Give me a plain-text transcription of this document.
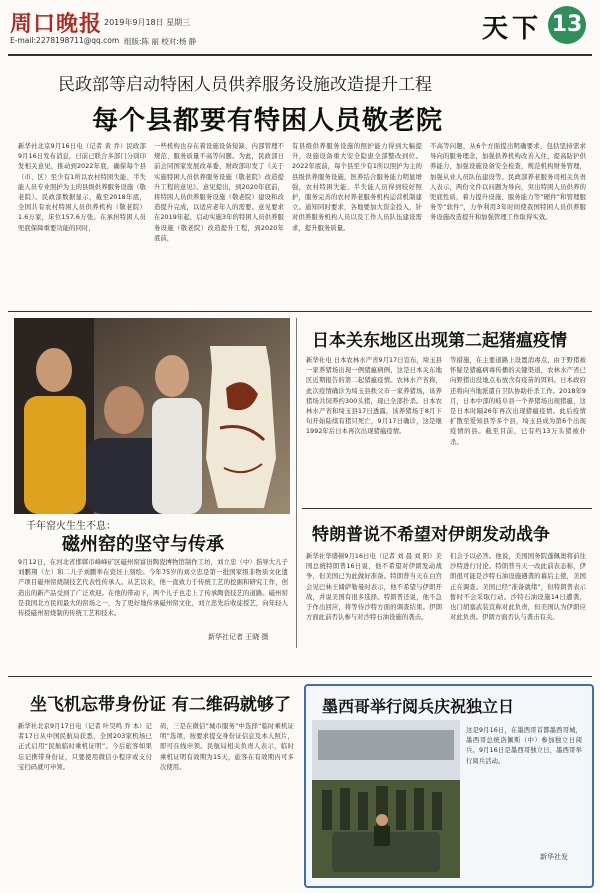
周口晚报 2019年9月18日 星期三
E-mail:2278198711@qq.com 组版:陈 丽 校对:杨 静	天下 13
民政部等启动特困人员供养服务设施改造提升工程
每个县都要有特困人员敬老院
新华社北京9月16日电（记者 黄 乔）民政部9月16日发布消息，日前已联合多部门分别印发相关意见，推动到2022年底，确保每个县（市、区）至少有1所以农村特困失能、半失能人员专业照护为主的县级供养服务设施（敬老院）。民政部数据显示，截至2018年底，全国共有农村特困人员供养机构（敬老院）1.6万家，床位157.6万张。在承担特困人员兜底保障重要功能的同时，
一些机构也存在着设施设备短缺、内部管理不规范、服务质量不高等问题。为此，民政部日前会同国家发展改革委、财政部印发了《关于实施特困人员供养服务设施（敬老院）改造提升工程的意见》。意见提出，到2020年底前，将特困人员供养服务设施（敬老院）建设和改造提升完成，以适应老年人的需要。意见要求在2019年起，启动实施3年的特困人员供养服务设施（敬老院）改造提升工程，到2020年底前，
有县级供养服务设施的照护能力得到大幅提升，设施设备重大安全隐患全部整改到位。2022年底前，每个县至少有1所以照护为主的县级供养服务设施，医养结合服务能力明显增强，农村特困失能、半失能人员得到较好照护，服务完善的农村养老服务机构运营机制建立。通知同时要求，各地要加大资金投入，针对供养服务机构人员以及工作人员队伍建设需求，提升服务质量。
不高等问题，从6个方面提出明确要求，包括坚持需求导向的服务理念，加强供养机构改善入住，提高防护供养能力，加强设施设备安全检查，规范机构财务管理，加强从业人员队伍建设等。民政部养老服务司相关负责人表示，两份文件以问题为导向，突出特困人员供养的兜底性质，着力提升设施、服务能力等“硬件”和管理服务等“软件”，力争利用3年时间使我国特困人员供养服务设施改造提升和加强管理工作取得实效。
千年窑火生生不息：
磁州窑的坚守与传承
9月12日，在河北省邯郸市峰峰矿区磁州窑富田陶瓷博物馆制作工坊，刘立忠（中）指导大儿子刘鹏翔（左）和二儿子刘鹏举在瓷坯上刻绘。今年75岁的刘立忠是第一批国家级非物质文化遗产项目磁州窑烧制技艺代表性传承人。从艺以来，他一直致力于传统工艺的挖掘和研究工作，创造出的新产品受到了广泛欢迎。在他的带动下，两个儿子也走上了传承陶瓷技艺的道路。磁州窑是我国北方民间最大的窑场之一，为了更好地传承磁州窑文化，刘立忠先后收徒授艺，向年轻人传授磁州窑烧制的传统工艺和技术。
新华社记者 王晓 摄
日本关东地区出现第二起猪瘟疫情
新华社电 日本农林水产省9月17日宣布，埼玉县一家养猪场出现一例猪瘟病例，这是日本关东地区近期报告的第二起猪瘟疫情。农林水产省称，此次疫情确诊为埼玉县秩父市一家养猪场，该养猪场共饲养约300头猪，现已全部扑杀。日本农林水产省和埼玉县17日透露，该养猪场于8月下旬开始陆续有猪只死亡，9月17日确诊，这是继1992年后日本再次出现猪瘟疫情。
等措施，在主要道路上设置消毒点，由于野猪被怀疑是猪瘟病毒传播的关键渠道，农林水产省已向野猪出没地点布放含有疫苗的饵料。日本政府还将向当地派遣自卫队协助扑杀工作。2018年9月，日本中部的岐阜县一个养猪场出现猪瘟，这是日本时隔26年再次出现猪瘟疫情。此后疫情扩散至爱知县等多个县，埼玉县成为第6个出现疫情的县。截至目前，已有约13万头猪被扑杀。
特朗普说不希望对伊朗发动战争
新华社华盛顿9月16日电（记者 刘 晨 刘 阳）美国总统特朗普16日说，他不希望对伊朗发动战争，但美国已为此做好准备。特朗普当天在白宫会见巴林王储萨勒曼时表示，他不希望与伊朗开战，并说美国有很多选择。特朗普还说，他不急于作出回应，将等待沙特方面的调查结果。伊朗方面此前否认参与对沙特石油设施的袭击。
们会予以必答。他说，美国国务院蓬佩奥将前往沙特进行讨论。特朗普当天一改此前表态称，伊朗很可能是沙特石油设施遇袭的幕后主使，美国正在调查。美国已经“准备就绪”，但特朗普表示暂时不会采取行动。沙特石油设施14日遭袭，也门胡塞武装宣称对此负责，但美国认为伊朗应对此负责。伊朗方面否认与袭击有关。
坐飞机忘带身份证 有二维码就够了
新华社北京9月17日电（记者 叶昊鸣 乔 本）记者17日从中国民航局获悉，全国203家机场已正式启用“民航临时乘机证明”。今后旅客如果忘记携带身份证，只要使用微信小程序或支付宝扫码就可申领。
码，三是在微信“城市服务”中选择“临时乘机证明”选项，按要求提交身份证信息及本人照片，即可在线申领。民航局相关负责人表示，临时乘机证明有效期为15天，旅客在有效期内可多次使用。
墨西哥举行阅兵庆祝独立日
这是9月16日，在墨西哥首都墨西哥城，墨西哥总统洛佩斯（中）参加独立日阅兵。9月16日是墨西哥独立日，墨西哥举行阅兵活动。
新华社发
